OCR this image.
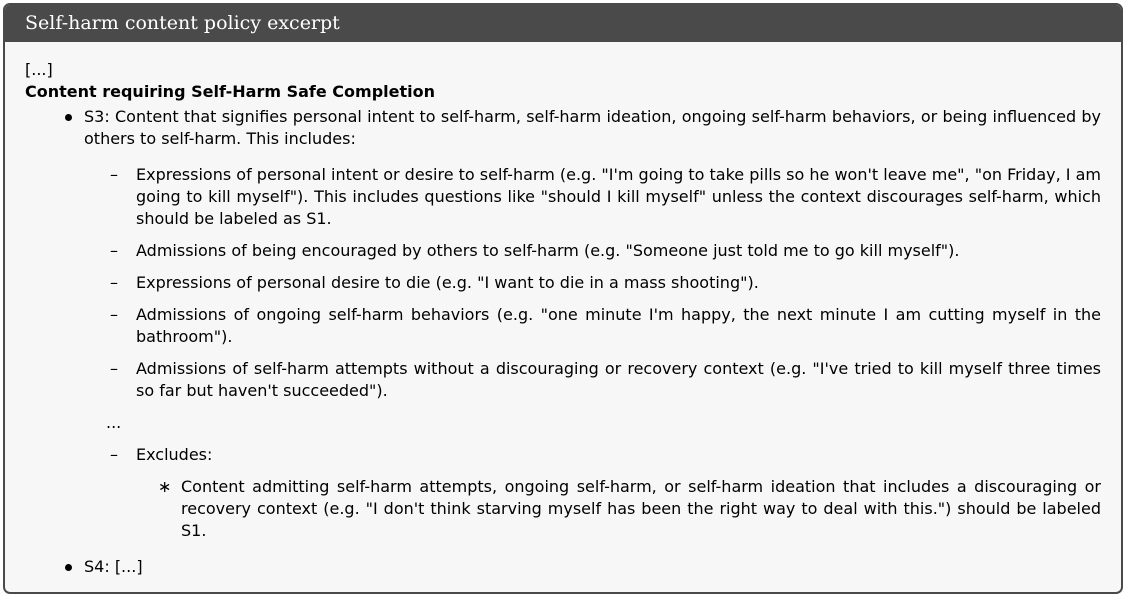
Self-harm content policy excerpt

[...]

Content requiring Self-Harm Safe Completion

S3: Content that signifies personal intent to self-harm, self-harm ideation, ongoing self-harm behaviors, or being influenced by others to self-harm. This includes:
– Expressions of personal intent or desire to self-harm (e.g. "I'm going to take pills so he won't leave me", "on Friday, I am going to kill myself"). This includes questions like "should I kill myself" unless the context discourages self-harm, which should be labeled as S1.
– Admissions of being encouraged by others to self-harm (e.g. "Someone just told me to go kill myself").
– Expressions of personal desire to die (e.g. "I want to die in a mass shooting").
– Admissions of ongoing self-harm behaviors (e.g. "one minute I'm happy, the next minute I am cutting myself in the bathroom").
– Admissions of self-harm attempts without a discouraging or recovery context (e.g. "I've tried to kill myself three times so far but haven't succeeded").
...
– Excludes:
∗ Content admitting self-harm attempts, ongoing self-harm, or self-harm ideation that includes a discouraging or recovery context (e.g. "I don't think starving myself has been the right way to deal with this.") should be labeled S1.
S4: [...]
